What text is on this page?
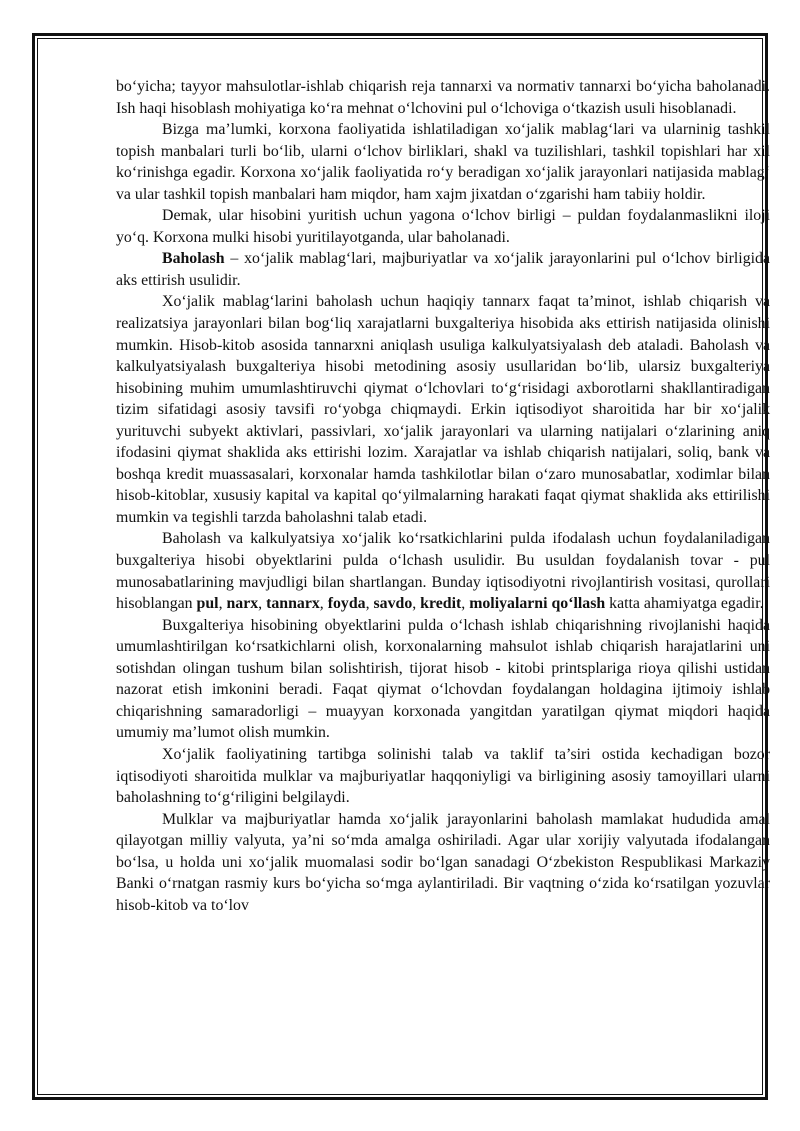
bo‘yicha; tayyor mahsulotlar-ishlab chiqarish reja tannarxi va normativ tannarxi bo‘yicha baholanadi. Ish haqi hisoblash mohiyatiga ko‘ra mehnat o‘lchovini pul o‘lchoviga o‘tkazish usuli hisoblanadi.

Bizga ma’lumki, korxona faoliyatida ishlatiladigan xo‘jalik mablag‘lari va ularninig tashkil topish manbalari turli bo‘lib, ularni o‘lchov birliklari, shakl va tuzilishlari, tashkil topishlari har xil ko‘rinishga egadir. Korxona xo‘jalik faoliyatida ro‘y beradigan xo‘jalik jarayonlari natijasida mablag‘ va ular tashkil topish manbalari ham miqdor, ham xajm jixatdan o‘zgarishi ham tabiiy holdir.

Demak, ular hisobini yuritish uchun yagona o‘lchov birligi – puldan foydalanmaslikni iloji yo‘q. Korxona mulki hisobi yuritilayotganda, ular baholanadi.

Baholash – xo‘jalik mablag‘lari, majburiyatlar va xo‘jalik jarayonlarini pul o‘lchov birligida aks ettirish usulidir.

Xo‘jalik mablag‘larini baholash uchun haqiqiy tannarx faqat ta’minot, ishlab chiqarish va realizatsiya jarayonlari bilan bog‘liq xarajatlarni buxgalteriya hisobida aks ettirish natijasida olinishi mumkin. Hisob-kitob asosida tannarxni aniqlash usuliga kalkulyatsiyalash deb ataladi. Baholash va kalkulyatsiyalash buxgalteriya hisobi metodining asosiy usullaridan bo‘lib, ularsiz buxgalteriya hisobining muhim umumlashtiruvchi qiymat o‘lchovlari to‘g‘risidagi axborotlarni shakllantiradigan tizim sifatidagi asosiy tavsifi ro‘yobga chiqmaydi. Erkin iqtisodiyot sharoitida har bir xo‘jalik yurituvchi subyekt aktivlari, passivlari, xo‘jalik jarayonlari va ularning natijalari o‘zlarining aniq ifodasini qiymat shaklida aks ettirishi lozim. Xarajatlar va ishlab chiqarish natijalari, soliq, bank va boshqa kredit muassasalari, korxonalar hamda tashkilotlar bilan o‘zaro munosabatlar, xodimlar bilan hisob-kitoblar, xususiy kapital va kapital qo‘yilmalarning harakati faqat qiymat shaklida aks ettirilishi mumkin va tegishli tarzda baholashni talab etadi.

Baholash va kalkulyatsiya xo‘jalik ko‘rsatkichlarini pulda ifodalash uchun foydalaniladigan buxgalteriya hisobi obyektlarini pulda o‘lchash usulidir. Bu usuldan foydalanish tovar - pul munosabatlarining mavjudligi bilan shartlangan. Bunday iqtisodiyotni rivojlantirish vositasi, qurollari hisoblangan pul, narx, tannarx, foyda, savdo, kredit, moliyalarni qo‘llash katta ahamiyatga egadir.

Buxgalteriya hisobining obyektlarini pulda o‘lchash ishlab chiqarishning rivojlanishi haqida umumlashtirilgan ko‘rsatkichlarni olish, korxonalarning mahsulot ishlab chiqarish harajatlarini uni sotishdan olingan tushum bilan solishtirish, tijorat hisob - kitobi printsplariga rioya qilishi ustidan nazorat etish imkonini beradi. Faqat qiymat o‘lchovdan foydalangan holdagina ijtimoiy ishlab chiqarishning samaradorligi – muayyan korxonada yangitdan yaratilgan qiymat miqdori haqida umumiy ma’lumot olish mumkin.

Xo‘jalik faoliyatining tartibga solinishi talab va taklif ta’siri ostida kechadigan bozor iqtisodiyoti sharoitida mulklar va majburiyatlar haqqoniyligi va birligining asosiy tamoyillari ularni baholashning to‘g‘riligini belgilaydi.

Mulklar va majburiyatlar hamda xo‘jalik jarayonlarini baholash mamlakat hududida amal qilayotgan milliy valyuta, ya’ni so‘mda amalga oshiriladi. Agar ular xorijiy valyutada ifodalangan bo‘lsa, u holda uni xo‘jalik muomalasi sodir bo‘lgan sanadagi O‘zbekiston Respublikasi Markaziy Banki o‘rnatgan rasmiy kurs bo‘yicha so‘mga aylantiriladi. Bir vaqtning o‘zida ko‘rsatilgan yozuvlar hisob-kitob va to‘lov
